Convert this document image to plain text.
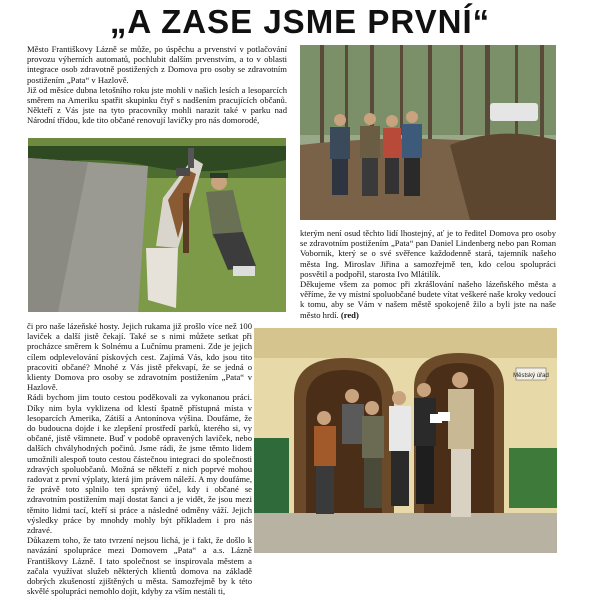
„A ZASE JSME PRVNÍ“

Město Františkovy Lázně se může, po úspěchu a prvenství v potlačování provozu výherních automatů, pochlubit dalším prvenstvím, a to v oblasti integrace osob zdravotně postižených z Domova pro osoby se zdravotním postižením „Pata“ v Hazlově.

Již od měsíce dubna letošního roku jste mohli v našich lesích a lesoparcích směrem na Ameriku spatřit skupinku čtyř s nadšením pracujících občanů. Někteří z Vás jste na tyto pracovníky mohli narazit také v parku nad Národní třídou, kde tito občané renovují lavičky pro nás domorodé,

či pro naše lázeňské hosty. Jejich rukama již prošlo více než 100 laviček a další jistě čekají. Také se s nimi můžete setkat při procházce směrem k Solnému a Lučnímu prameni. Zde je jejich cílem odplevelování pískových cest. Zajímá Vás, kdo jsou tito pracovití občané? Mnohé z Vás jistě překvapí, že se jedná o klienty Domova pro osoby se zdravotním postižením „Pata“ v Hazlově.

Rádi bychom jim touto cestou poděkovali za vykonanou práci. Díky nim byla vyklizena od klestí špatně přístupná místa v lesoparcích Amerika, Zátiší a Antonínova výšina. Doufáme, že do budoucna dojde i ke zlepšení prostředí parků, kterého si, vy občané, jistě všimnete. Buď v podobě opravených laviček, nebo dalších chvályhodných počinů. Jsme rádi, že jsme těmto lidem umožnili alespoň touto cestou částečnou integraci do společnosti zdravých spoluobčanů. Možná se někteří z nich poprvé mohou radovat z první výplaty, která jim právem náleží. A my doufáme, že právě toto splnilo ten správný účel, kdy i občané se zdravotním postižením mají dostat šanci a je vidět, že jsou mezi těmito lidmi tací, kteří si práce a následné odměny váží. Jejich výsledky práce by mnohdy mohly být příkladem i pro nás zdravé.

Důkazem toho, že tato tvrzení nejsou lichá, je i fakt, že došlo k navázání spolupráce mezi Domovem „Pata“ a a.s. Lázně Františkovy Lázně. I tato společnost se inspirovala městem a začala využívat služeb některých klientů domova na základě dobrých zkušeností zjištěných u města. Samozřejmě by k této skvělé spolupráci nemohlo dojít, kdyby za vším nestáli ti,

kterým není osud těchto lidí lhostejný, ať je to ředitel Domova pro osoby se zdravotním postižením „Pata“ pan Daniel Lindenberg nebo pan Roman Vobornik, který se o své svěřence každodenně stará, tajemník našeho města Ing. Miroslav Jiřina a samozřejmě ten, kdo celou spolupráci posvětil a podpořil, starosta Ivo Mlátilík.

Děkujeme všem za pomoc při zkrášlování našeho lázeňského města a věříme, že vy místní spoluobčané budete vítat veškeré naše kroky vedoucí k tomu, aby se Vám v našem městě spokojeně žilo a byli jste na naše město hrdí. (red)

Městský úřad
